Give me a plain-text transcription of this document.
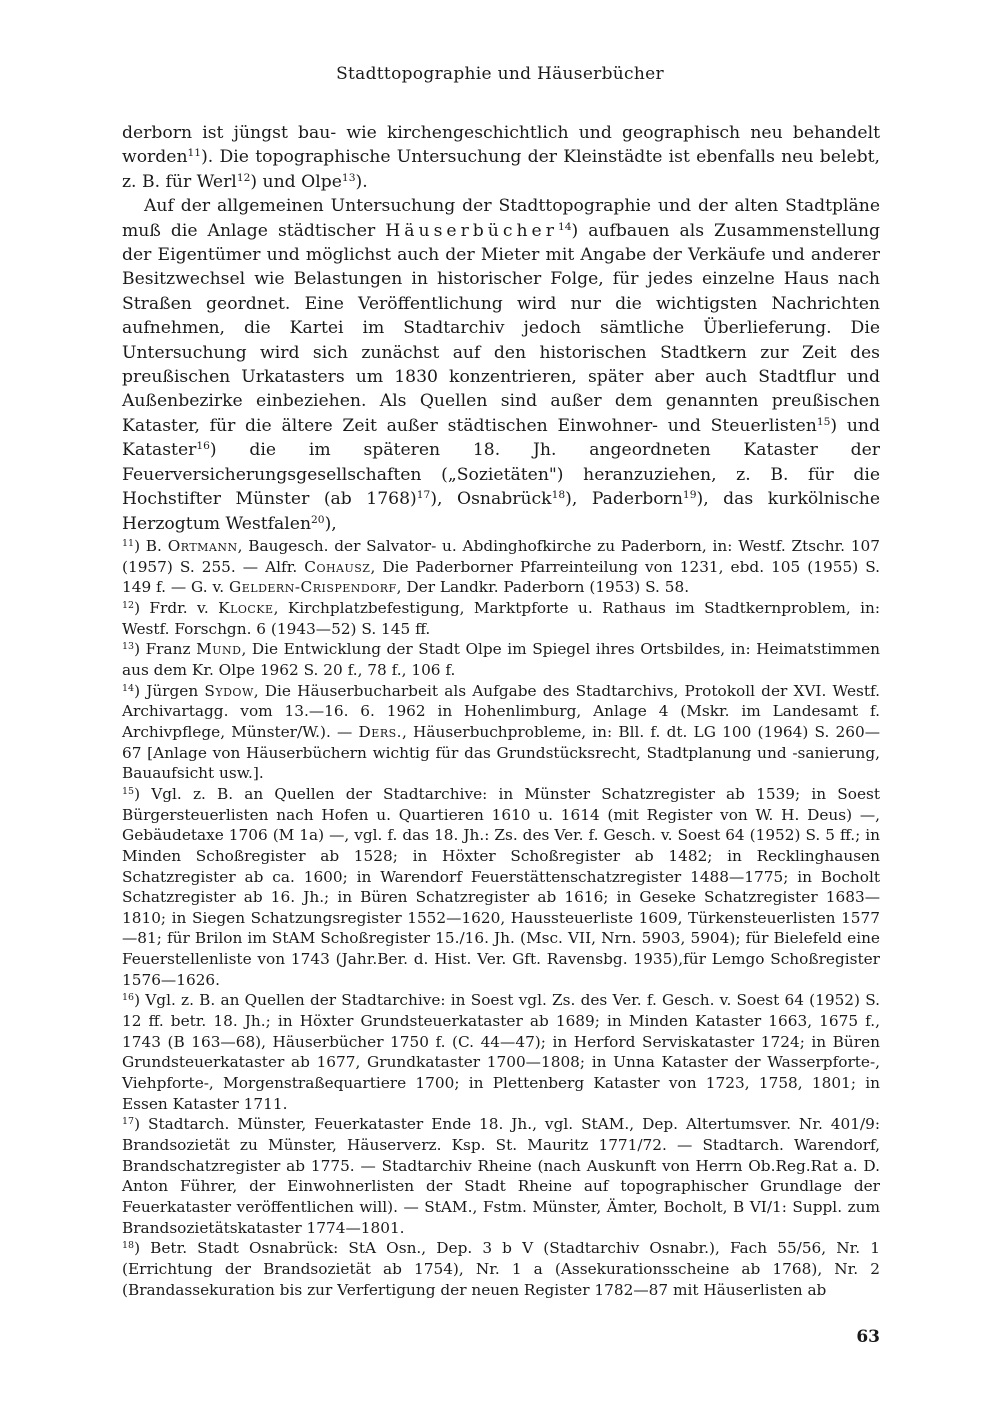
Stadttopographie und Häuserbücher

derborn ist jüngst bau- wie kirchengeschichtlich und geographisch neu behandelt worden$^{11}$). Die topographische Untersuchung der Kleinstädte ist ebenfalls neu belebt, z. B. für Werl$^{12}$) und Olpe$^{13}$).

Auf der allgemeinen Untersuchung der Stadttopographie und der alten Stadtpläne muß die Anlage städtischer Häuserbücher$^{14}$) aufbauen als Zusammenstellung der Eigentümer und möglichst auch der Mieter mit Angabe der Verkäufe und anderer Besitzwechsel wie Belastungen in historischer Folge, für jedes einzelne Haus nach Straßen geordnet. Eine Veröffentlichung wird nur die wichtigsten Nachrichten aufnehmen, die Kartei im Stadtarchiv jedoch sämtliche Überlieferung. Die Untersuchung wird sich zunächst auf den historischen Stadtkern zur Zeit des preußischen Urkatasters um 1830 konzentrieren, später aber auch Stadtflur und Außenbezirke einbeziehen. Als Quellen sind außer dem genannten preußischen Kataster, für die ältere Zeit außer städtischen Einwohner- und Steuerlisten$^{15}$) und Kataster$^{16}$) die im späteren 18. Jh. angeordneten Kataster der Feuerversicherungsgesellschaften („Sozietäten") heranzuziehen, z. B. für die Hochstifter Münster (ab 1768)$^{17}$), Osnabrück$^{18}$), Paderborn$^{19}$), das kurkölnische Herzogtum Westfalen$^{20}$),

$^{11}$) B. Ortmann, Baugesch. der Salvator- u. Abdinghofkirche zu Paderborn, in: Westf. Ztschr. 107 (1957) S. 255. — Alfr. Cohausz, Die Paderborner Pfarreinteilung von 1231, ebd. 105 (1955) S. 149 f. — G. v. Geldern-Crispendorf, Der Landkr. Paderborn (1953) S. 58.

$^{12}$) Frdr. v. Klocke, Kirchplatzbefestigung, Marktpforte u. Rathaus im Stadtkernproblem, in: Westf. Forschgn. 6 (1943—52) S. 145 ff.

$^{13}$) Franz Mund, Die Entwicklung der Stadt Olpe im Spiegel ihres Ortsbildes, in: Heimatstimmen aus dem Kr. Olpe 1962 S. 20 f., 78 f., 106 f.

$^{14}$) Jürgen Sydow, Die Häuserbucharbeit als Aufgabe des Stadtarchivs, Protokoll der XVI. Westf. Archivartagg. vom 13.—16. 6. 1962 in Hohenlimburg, Anlage 4 (Mskr. im Landesamt f. Archivpflege, Münster/W.). — Ders., Häuserbuchprobleme, in: Bll. f. dt. LG 100 (1964) S. 260—67 [Anlage von Häuserbüchern wichtig für das Grundstücksrecht, Stadtplanung und -sanierung, Bauaufsicht usw.].

$^{15}$) Vgl. z. B. an Quellen der Stadtarchive: in Münster Schatzregister ab 1539; in Soest Bürgersteuerlisten nach Hofen u. Quartieren 1610 u. 1614 (mit Register von W. H. Deus) —, Gebäudetaxe 1706 (M 1a) —, vgl. f. das 18. Jh.: Zs. des Ver. f. Gesch. v. Soest 64 (1952) S. 5 ff.; in Minden Schoßregister ab 1528; in Höxter Schoßregister ab 1482; in Recklinghausen Schatzregister ab ca. 1600; in Warendorf Feuerstättenschatzregister 1488—1775; in Bocholt Schatzregister ab 16. Jh.; in Büren Schatzregister ab 1616; in Geseke Schatzregister 1683—1810; in Siegen Schatzungsregister 1552—1620, Haussteuerliste 1609, Türkensteuerlisten 1577—81; für Brilon im StAM Schoßregister 15./16. Jh. (Msc. VII, Nrn. 5903, 5904); für Bielefeld eine Feuerstellenliste von 1743 (Jahr.Ber. d. Hist. Ver. Gft. Ravensbg. 1935),für Lemgo Schoßregister 1576—1626.

$^{16}$) Vgl. z. B. an Quellen der Stadtarchive: in Soest vgl. Zs. des Ver. f. Gesch. v. Soest 64 (1952) S. 12 ff. betr. 18. Jh.; in Höxter Grundsteuerkataster ab 1689; in Minden Kataster 1663, 1675 f., 1743 (B 163—68), Häuserbücher 1750 f. (C. 44—47); in Herford Serviskataster 1724; in Büren Grundsteuerkataster ab 1677, Grundkataster 1700—1808; in Unna Kataster der Wasserpforte-, Viehpforte-, Morgenstraßequartiere 1700; in Plettenberg Kataster von 1723, 1758, 1801; in Essen Kataster 1711.

$^{17}$) Stadtarch. Münster, Feuerkataster Ende 18. Jh., vgl. StAM., Dep. Altertumsver. Nr. 401/9: Brandsozietät zu Münster, Häuserverz. Ksp. St. Mauritz 1771/72. — Stadtarch. Warendorf, Brandschatzregister ab 1775. — Stadtarchiv Rheine (nach Auskunft von Herrn Ob.Reg.Rat a. D. Anton Führer, der Einwohnerlisten der Stadt Rheine auf topographischer Grundlage der Feuerkataster veröffentlichen will). — StAM., Fstm. Münster, Ämter, Bocholt, B VI/1: Suppl. zum Brandsozietätskataster 1774—1801.

$^{18}$) Betr. Stadt Osnabrück: StA Osn., Dep. 3 b V (Stadtarchiv Osnabr.), Fach 55/56, Nr. 1 (Errichtung der Brandsozietät ab 1754), Nr. 1 a (Assekurationsscheine ab 1768), Nr. 2 (Brandassekuration bis zur Verfertigung der neuen Register 1782—87 mit Häuserlisten ab

63
